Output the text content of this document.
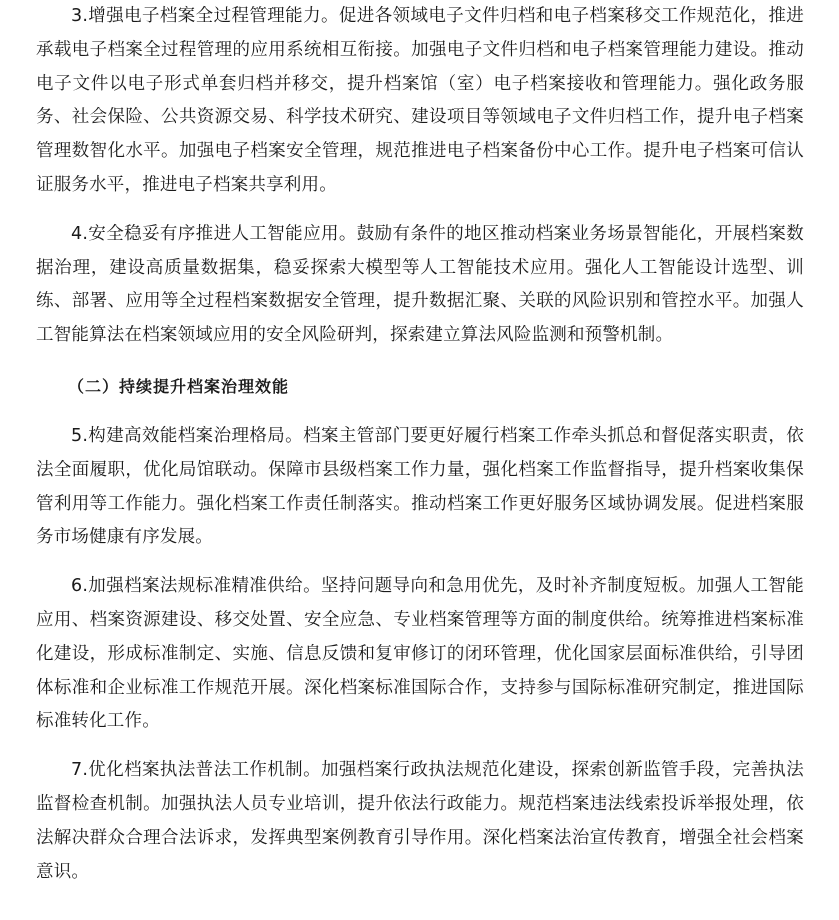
3.增强电子档案全过程管理能力。促进各领域电子文件归档和电子档案移交工作规范化，推进承载电子档案全过程管理的应用系统相互衔接。加强电子文件归档和电子档案管理能力建设。推动电子文件以电子形式单套归档并移交，提升档案馆（室）电子档案接收和管理能力。强化政务服务、社会保险、公共资源交易、科学技术研究、建设项目等领域电子文件归档工作，提升电子档案管理数智化水平。加强电子档案安全管理，规范推进电子档案备份中心工作。提升电子档案可信认证服务水平，推进电子档案共享利用。

4.安全稳妥有序推进人工智能应用。鼓励有条件的地区推动档案业务场景智能化，开展档案数据治理，建设高质量数据集，稳妥探索大模型等人工智能技术应用。强化人工智能设计选型、训练、部署、应用等全过程档案数据安全管理，提升数据汇聚、关联的风险识别和管控水平。加强人工智能算法在档案领域应用的安全风险研判，探索建立算法风险监测和预警机制。

（二）持续提升档案治理效能

5.构建高效能档案治理格局。档案主管部门要更好履行档案工作牵头抓总和督促落实职责，依法全面履职，优化局馆联动。保障市县级档案工作力量，强化档案工作监督指导，提升档案收集保管利用等工作能力。强化档案工作责任制落实。推动档案工作更好服务区域协调发展。促进档案服务市场健康有序发展。

6.加强档案法规标准精准供给。坚持问题导向和急用优先，及时补齐制度短板。加强人工智能应用、档案资源建设、移交处置、安全应急、专业档案管理等方面的制度供给。统筹推进档案标准化建设，形成标准制定、实施、信息反馈和复审修订的闭环管理，优化国家层面标准供给，引导团体标准和企业标准工作规范开展。深化档案标准国际合作，支持参与国际标准研究制定，推进国际标准转化工作。

7.优化档案执法普法工作机制。加强档案行政执法规范化建设，探索创新监管手段，完善执法监督检查机制。加强执法人员专业培训，提升依法行政能力。规范档案违法线索投诉举报处理，依法解决群众合理合法诉求，发挥典型案例教育引导作用。深化档案法治宣传教育，增强全社会档案意识。
